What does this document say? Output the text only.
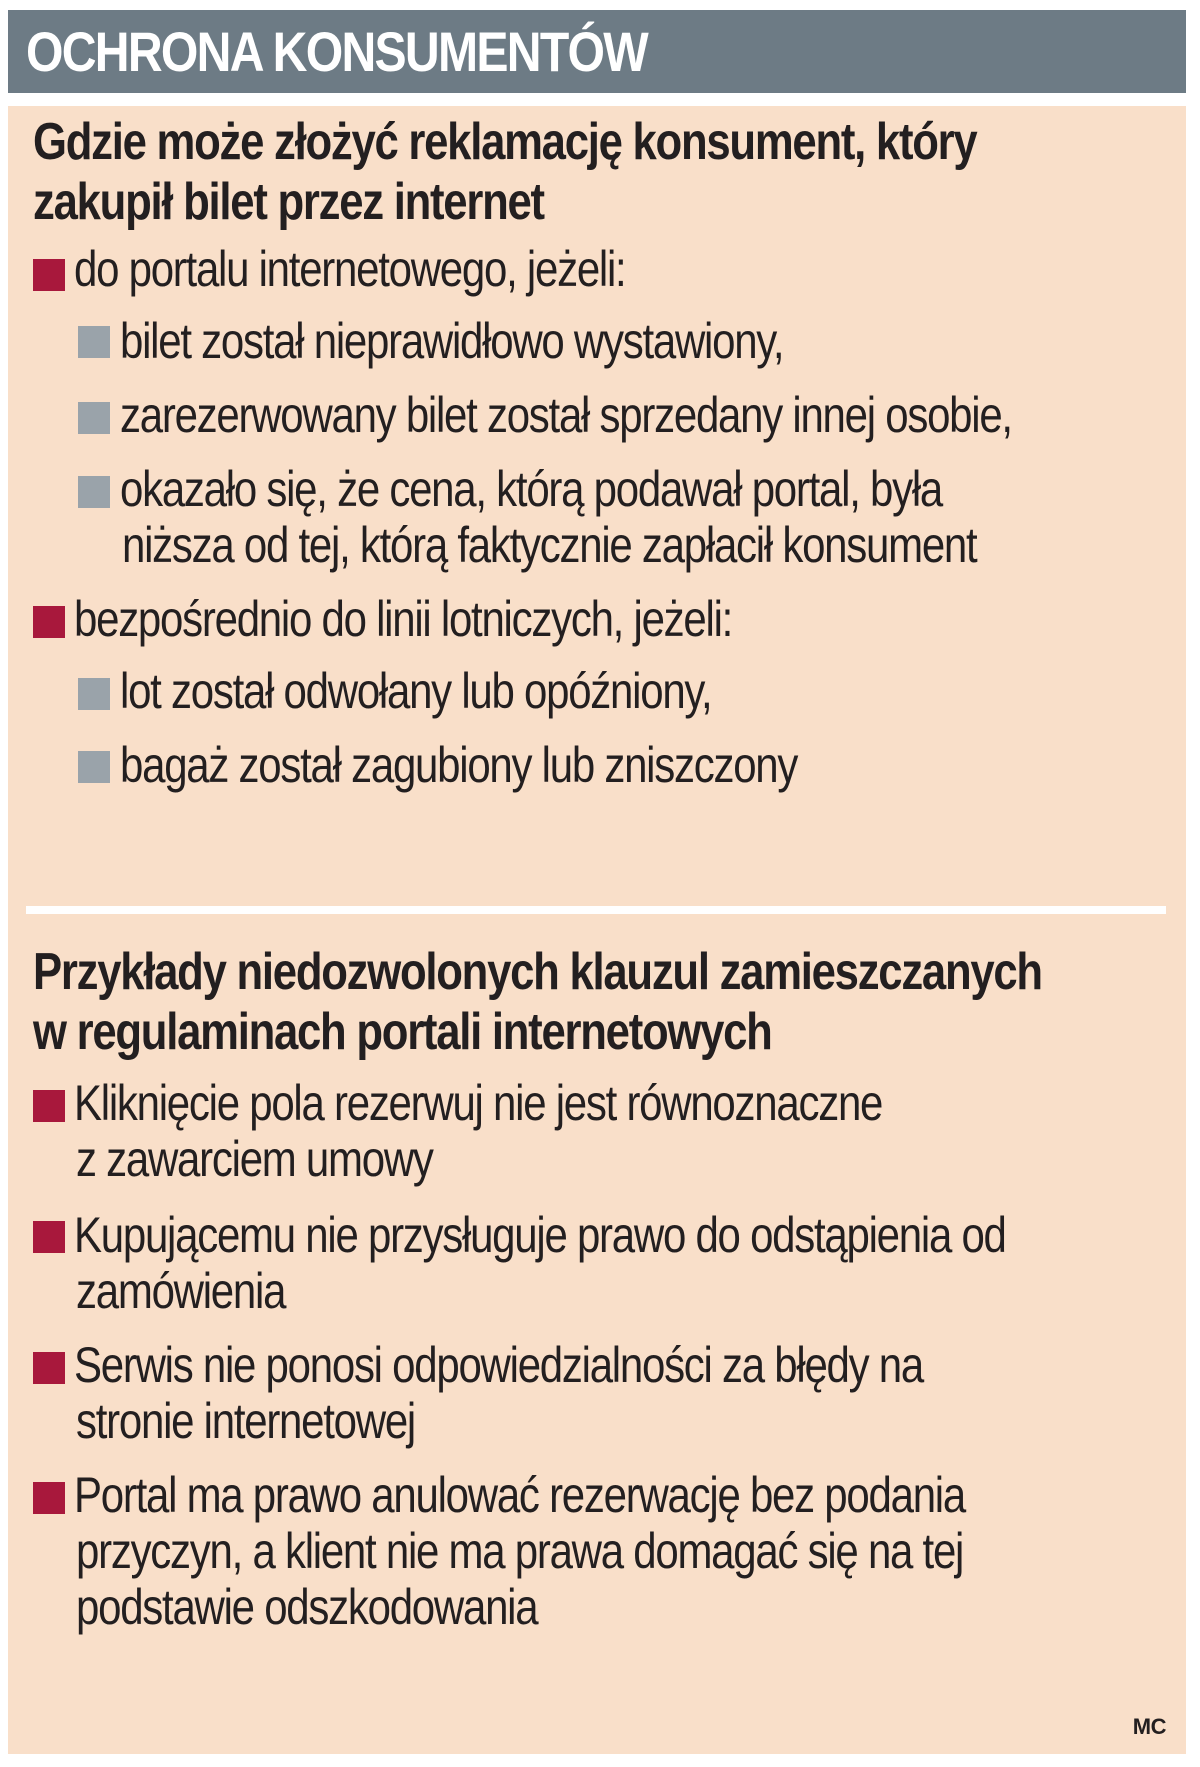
OCHRONA KONSUMENTÓW
Gdzie może złożyć reklamację konsument, który
zakupił bilet przez internet
do portalu internetowego, jeżeli:
bilet został nieprawidłowo wystawiony,
zarezerwowany bilet został sprzedany innej osobie,
okazało się, że cena, którą podawał portal, była
niższa od tej, którą faktycznie zapłacił konsument
bezpośrednio do linii lotniczych, jeżeli:
lot został odwołany lub opóźniony,
bagaż został zagubiony lub zniszczony
Przykłady niedozwolonych klauzul zamieszczanych
w regulaminach portali internetowych
Kliknięcie pola rezerwuj nie jest równoznaczne
z zawarciem umowy
Kupującemu nie przysługuje prawo do odstąpienia od
zamówienia
Serwis nie ponosi odpowiedzialności za błędy na
stronie internetowej
Portal ma prawo anulować rezerwację bez podania
przyczyn, a klient nie ma prawa domagać się na tej
podstawie odszkodowania
MC
